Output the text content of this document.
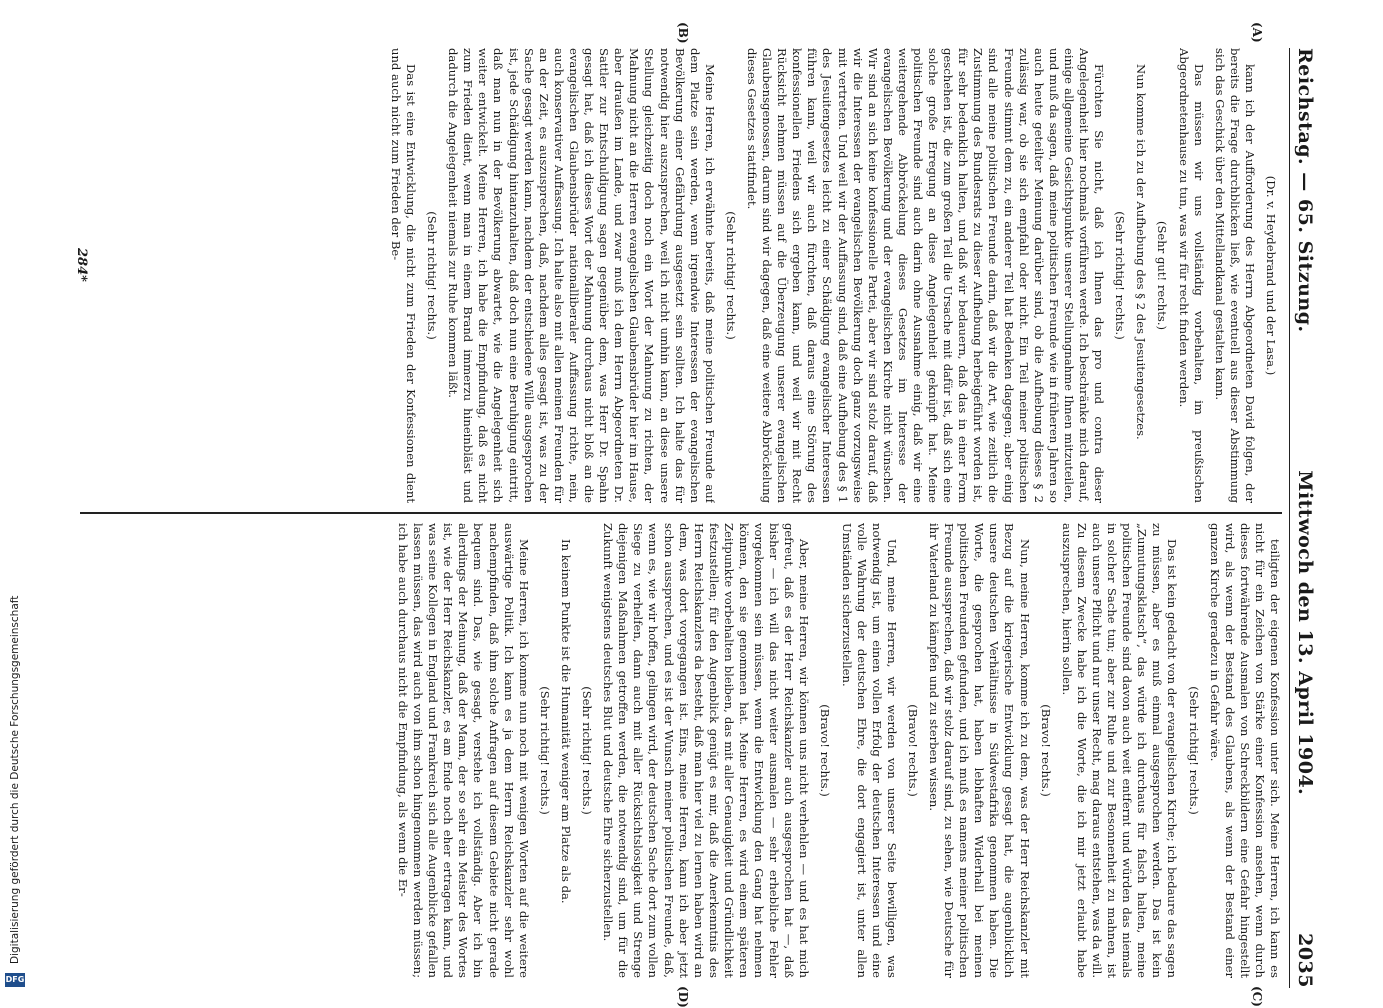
Reichstag. — 65. Sitzung.
Mittwoch den 13. April 1904.
2035
(A)
(B)
(C)
(D)

(Dr. v. Heydebrand und der Lasa.)

kann ich der Aufforderung des Herrn Abgeordneten David folgen, der bereits die Frage durchblicken ließ, wie eventuell aus dieser Abstimmung sich das Geschick über den Mittellandkanal gestalten kann.

Das müssen wir uns vollständig vorbehalten, im preußischen Abgeordnetenhause zu tun, was wir für recht finden werden.

(Sehr gut! rechts.)

Nun komme ich zu der Aufhebung des § 2 des Jesuitengesetzes.

(Sehr richtig! rechts.)

Fürchten Sie nicht, daß ich Ihnen das pro und contra dieser Angelegenheit hier nochmals vorführen werde. Ich beschränke mich darauf, einige allgemeine Gesichtspunkte unserer Stellungnahme Ihnen mitzuteilen, und muß da sagen, daß meine politischen Freunde wie in früheren Jahren so auch heute geteilter Meinung darüber sind, ob die Aufhebung dieses § 2 zulässig war, ob sie sich empfahl oder nicht. Ein Teil meiner politischen Freunde stimmt dem zu, ein anderer Teil hat Bedenken dagegen; aber einig sind alle meine politischen Freunde darin, daß wir die Art, wie zeitlich die Zustimmung des Bundesrats zu dieser Aufhebung herbeigeführt worden ist, für sehr bedenklich halten, und daß wir bedauern, daß das in einer Form geschehen ist, die zum großen Teil die Ursache mit dafür ist, daß sich eine solche große Erregung an diese Angelegenheit geknüpft hat. Meine politischen Freunde sind auch darin ohne Ausnahme einig, daß wir eine weitergehende Abbröckelung dieses Gesetzes im Interesse der evangelischen Bevölkerung und der evangelischen Kirche nicht wünschen. Wir sind an sich keine konfessionelle Partei, aber wir sind stolz darauf, daß wir die Interessen der evangelischen Bevölkerung doch ganz vorzugsweise mit vertreten. Und weil wir der Auffassung sind, daß eine Aufhebung des § 1 des Jesuitengesetzes leicht zu einer Schädigung evangelischer Interessen führen kann, weil wir auch fürchten, daß daraus eine Störung des konfessionellen Friedens sich ergeben kann, und weil wir mit Recht Rücksicht nehmen müssen auf die Überzeugung unserer evangelischen Glaubensgenossen, darum sind wir dagegen, daß eine weitere Abbröckelung dieses Gesetzes stattfindet.

(Sehr richtig! rechts.)

Meine Herren, ich erwähnte bereits, daß meine politischen Freunde auf dem Platze sein werden, wenn irgendwie Interessen der evangelischen Bevölkerung einer Gefährdung ausgesetzt sein sollten. Ich halte das für notwendig hier auszusprechen, weil ich nicht umhin kann, an diese unsere Stellung gleichzeitig doch noch ein Wort der Mahnung zu richten, der Mahnung nicht an die Herren evangelischen Glaubensbrüder hier im Hause, aber draußen im Lande, und zwar muß ich dem Herrn Abgeordneten Dr. Sattler zur Entschuldigung sagen gegenüber dem, was Herr Dr. Spahn gesagt hat, daß ich dieses Wort der Mahnung durchaus nicht bloß an die evangelischen Glaubensbrüder nationalliberaler Auffassung richte, nein, auch konservativer Auffassung. Ich halte also mit allen meinen Freunden für an der Zeit, es auszusprechen, daß, nachdem alles gesagt ist, was zu der Sache gesagt werden kann, nachdem der entschiedene Wille ausgesprochen ist, jede Schädigung hintanzuhalten, daß doch nun eine Beruhigung eintritt, daß man nun in der Bevölkerung abwartet, wie die Angelegenheit sich weiter entwickelt. Meine Herren, ich habe die Empfindung, daß es nicht zum Frieden dient, wenn man in einem Brand immerzu hineinbläst und dadurch die Angelegenheit niemals zur Ruhe kommen läßt.

(Sehr richtig! rechts.)

Das ist eine Entwicklung, die nicht zum Frieden der Konfessionen dient und auch nicht zum Frieden der Be-

teiligten der eigenen Konfession unter sich. Meine Herren, ich kann es nicht für ein Zeichen von Stärke einer Konfession ansehen, wenn durch dieses fortwährende Ausmalen von Schreckbildern eine Gefahr hingestellt wird, als wenn der Bestand des Glaubens, als wenn der Bestand einer ganzen Kirche geradezu in Gefahr wäre.

(Sehr richtig! rechts.)

Das ist kein gedacht von der evangelischen Kirche; ich bedaure das sagen zu müssen, aber es muß einmal ausgesprochen werden. Das ist kein „Zumutungsklatsch“, das würde ich durchaus für falsch halten, meine politischen Freunde sind davon auch weit entfernt und würden das niemals in solcher Sache tun; aber zur Ruhe und zur Besonnenheit zu mahnen, ist auch unsere Pflicht und nur unser Recht, mag daraus entstehen, was da will. Zu diesem Zwecke habe ich die Worte, die ich mir jetzt erlaubt habe auszusprechen, hierin sollen.

(Bravo! rechts.)

Nun, meine Herren, komme ich zu dem, was der Herr Reichskanzler mit Bezug auf die kriegerische Entwicklung gesagt hat, die augenblicklich unsere deutschen Verhältnisse in Südwestafrika genommen haben. Die Worte, die gesprochen hat, haben lebhaften Widerhall bei meinen politischen Freunden gefunden, und ich muß es namens meiner politischen Freunde aussprechen, daß wir stolz darauf sind, zu sehen, wie Deutsche für ihr Vaterland zu kämpfen und zu sterben wissen.

(Bravo! rechts.)

Und, meine Herren, wir werden von unserer Seite bewilligen, was notwendig ist, um einen vollen Erfolg der deutschen Interessen und eine volle Wahrung der deutschen Ehre, die dort engagiert ist, unter allen Umständen sicherzustellen.

(Bravo! rechts.)

Aber, meine Herren, wir können uns nicht verhehlen — und es hat mich gefreut, daß es der Herr Reichskanzler auch ausgesprochen hat —, daß bisher — ich will das nicht weiter ausmalen — sehr erhebliche Fehler vorgekommen sein müssen, wenn die Entwicklung den Gang hat nehmen können, den sie genommen hat. Meine Herren, es wird einem späteren Zeitpunkte vorbehalten bleiben, das mit aller Genauigkeit und Gründlichkeit festzustellen; für den Augenblick genügt es mir, daß die Anerkenntnis des Herrn Reichskanzlers da besteht, daß man hier viel zu lernen haben wird an dem, was dort vorgegangen ist. Eins, meine Herren, kann ich aber jetzt schon aussprechen, und es ist der Wunsch meiner politischen Freunde, daß, wenn es, wie wir hoffen, gelingen wird, der deutschen Sache dort zum vollen Siege zu verhelfen, dann auch mit aller Rücksichtslosigkeit und Strenge diejenigen Maßnahmen getroffen werden, die notwendig sind, um für die Zukunft wenigstens deutsches Blut und deutsche Ehre sicherzustellen.

(Sehr richtig! rechts.)

In keinem Punkte ist die Humanität weniger am Platze als da.

(Sehr richtig! rechts.)

Meine Herren, ich komme nun noch mit wenigen Worten auf die weitere auswärtige Politik. Ich kann es ja dem Herrn Reichskanzler sehr wohl nachempfinden, daß ihm solche Anfragen auf diesem Gebiete nicht gerade bequem sind. Das, wie gesagt, verstehe ich vollständig. Aber ich bin allerdings der Meinung, daß der Mann, der so sehr ein Meister des Wortes ist, wie der Herr Reichskanzler, es am Ende noch eher ertragen kann, und was seine Kollegen in England und Frankreich sich alle Augenblicke gefallen lassen müssen, das wird auch von ihm schon hingenommen werden müssen; ich habe auch durchaus nicht die Empfindung, als wenn die Er-

284*
DFG
Digitalisierung gefördert durch die Deutsche Forschungsgemeinschaft
